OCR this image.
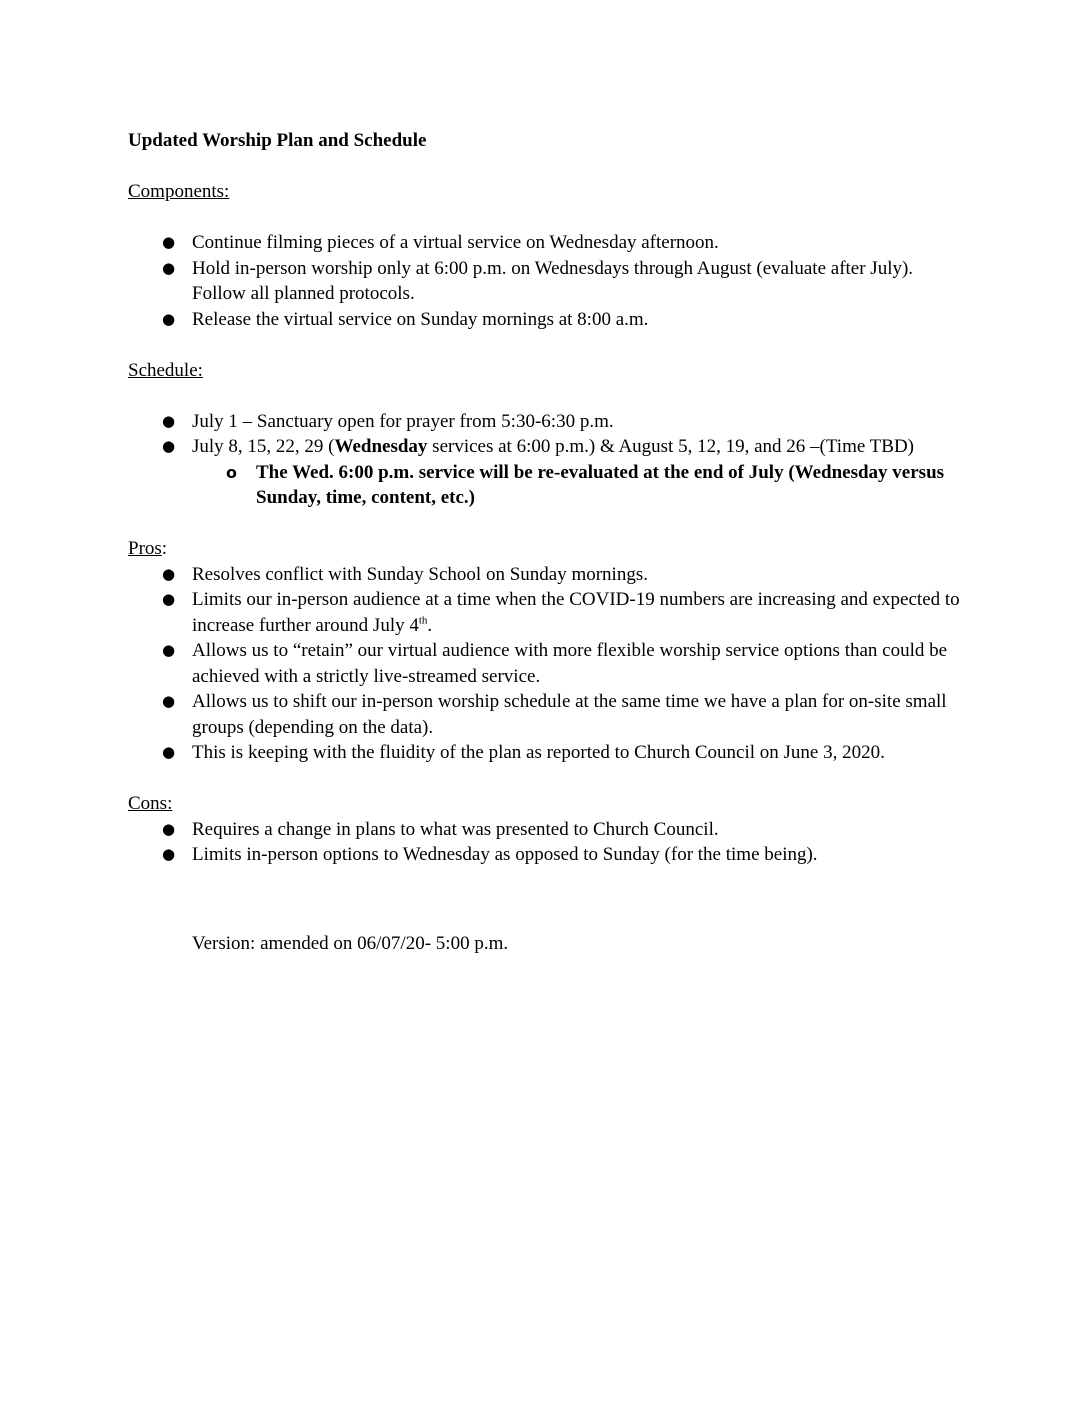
Updated Worship Plan and Schedule

Components:

● Continue filming pieces of a virtual service on Wednesday afternoon.
● Hold in-person worship only at 6:00 p.m. on Wednesdays through August (evaluate after July). Follow all planned protocols.
● Release the virtual service on Sunday mornings at 8:00 a.m.

Schedule:

● July 1 – Sanctuary open for prayer from 5:30-6:30 p.m.
● July 8, 15, 22, 29 (Wednesday services at 6:00 p.m.) & August 5, 12, 19, and 26 –(Time TBD)
o The Wed. 6:00 p.m. service will be re-evaluated at the end of July (Wednesday versus Sunday, time, content, etc.)

Pros:

● Resolves conflict with Sunday School on Sunday mornings.
● Limits our in-person audience at a time when the COVID-19 numbers are increasing and expected to increase further around July 4th.
● Allows us to “retain” our virtual audience with more flexible worship service options than could be achieved with a strictly live-streamed service.
● Allows us to shift our in-person worship schedule at the same time we have a plan for on-site small groups (depending on the data).
● This is keeping with the fluidity of the plan as reported to Church Council on June 3, 2020.

Cons:

● Requires a change in plans to what was presented to Church Council.
● Limits in-person options to Wednesday as opposed to Sunday (for the time being).

Version: amended on 06/07/20- 5:00 p.m.
